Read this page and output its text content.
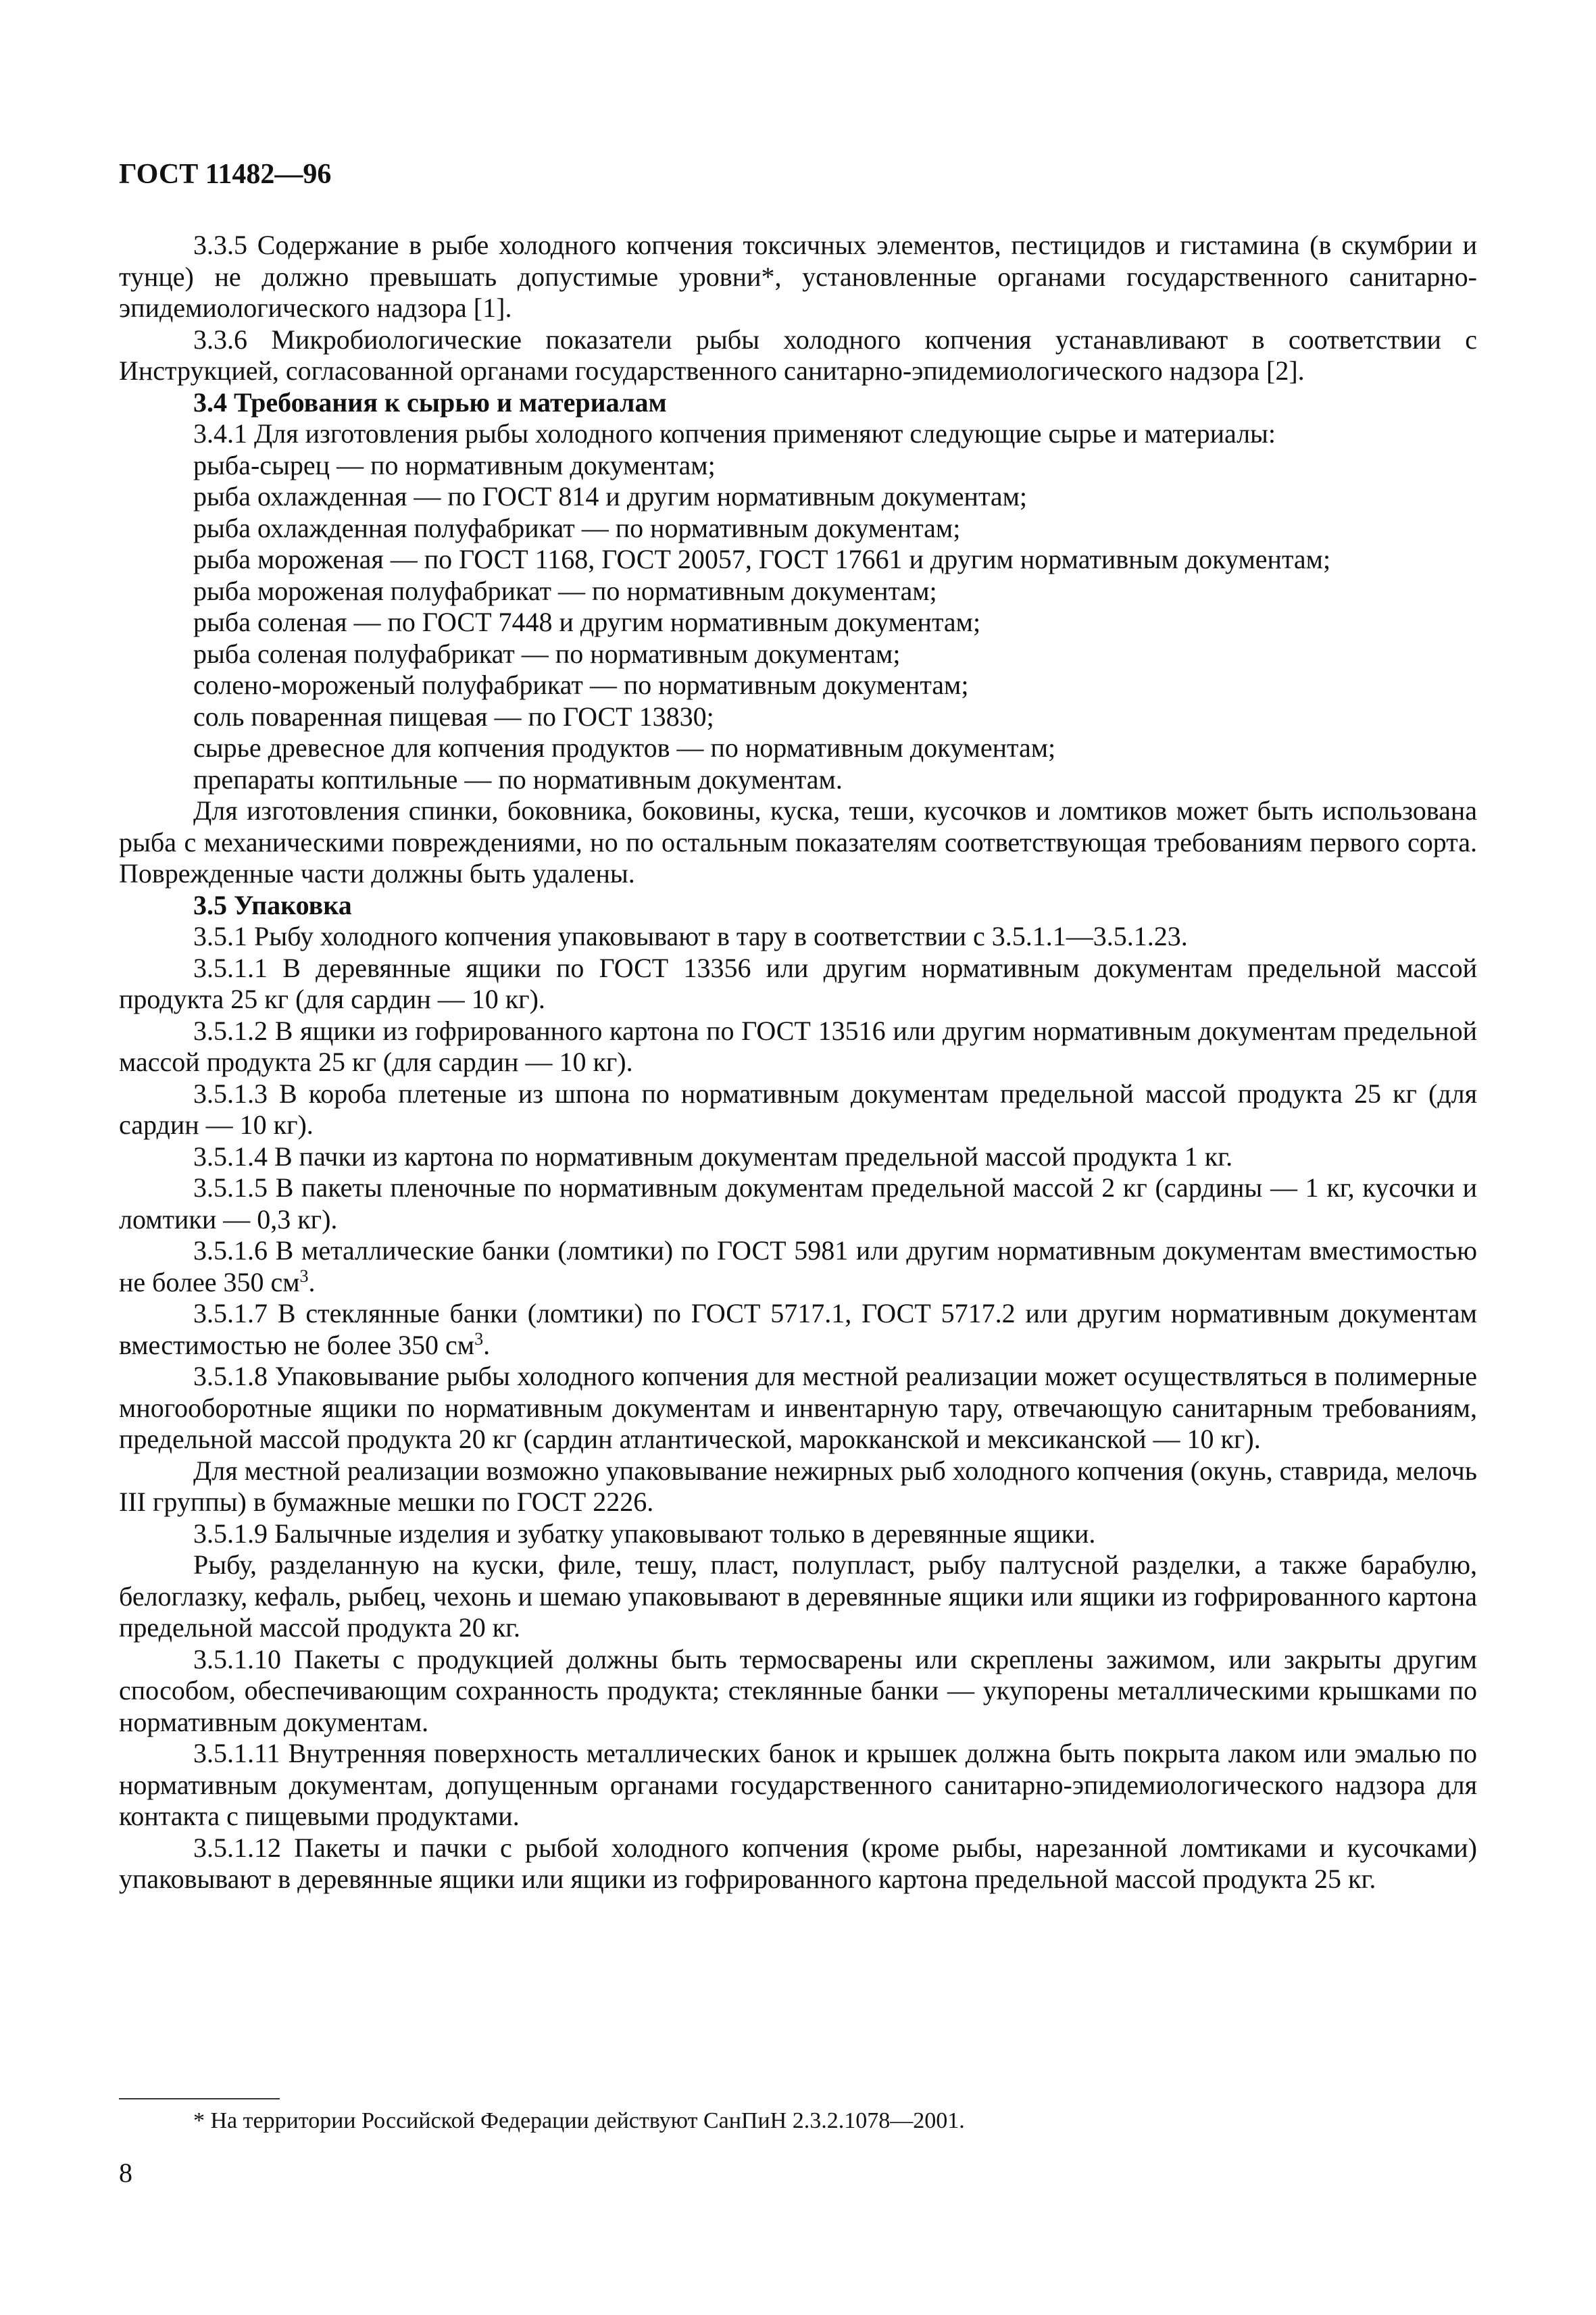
ГОСТ 11482—96

3.3.5 Содержание в рыбе холодного копчения токсичных элементов, пестицидов и гистамина (в скумбрии и тунце) не должно превышать допустимые уровни*, установленные органами государственного санитарно-эпидемиологического надзора [1].

3.3.6 Микробиологические показатели рыбы холодного копчения устанавливают в соответствии с Инструкцией, согласованной органами государственного санитарно-эпидемиологического надзора [2].

3.4 Требования к сырью и материалам

3.4.1 Для изготовления рыбы холодного копчения применяют следующие сырье и материалы:

рыба-сырец — по нормативным документам;

рыба охлажденная — по ГОСТ 814 и другим нормативным документам;

рыба охлажденная полуфабрикат — по нормативным документам;

рыба мороженая — по ГОСТ 1168, ГОСТ 20057, ГОСТ 17661 и другим нормативным документам;

рыба мороженая полуфабрикат — по нормативным документам;

рыба соленая — по ГОСТ 7448 и другим нормативным документам;

рыба соленая полуфабрикат — по нормативным документам;

солено-мороженый полуфабрикат — по нормативным документам;

соль поваренная пищевая — по ГОСТ 13830;

сырье древесное для копчения продуктов — по нормативным документам;

препараты коптильные — по нормативным документам.

Для изготовления спинки, боковника, боковины, куска, теши, кусочков и ломтиков может быть использована рыба с механическими повреждениями, но по остальным показателям соответствующая требованиям первого сорта. Поврежденные части должны быть удалены.

3.5 Упаковка

3.5.1 Рыбу холодного копчения упаковывают в тару в соответствии с 3.5.1.1—3.5.1.23.

3.5.1.1 В деревянные ящики по ГОСТ 13356 или другим нормативным документам предельной массой продукта 25 кг (для сардин — 10 кг).

3.5.1.2 В ящики из гофрированного картона по ГОСТ 13516 или другим нормативным документам предельной массой продукта 25 кг (для сардин — 10 кг).

3.5.1.3 В короба плетеные из шпона по нормативным документам предельной массой продукта 25 кг (для сардин — 10 кг).

3.5.1.4 В пачки из картона по нормативным документам предельной массой продукта 1 кг.

3.5.1.5 В пакеты пленочные по нормативным документам предельной массой 2 кг (сардины — 1 кг, кусочки и ломтики — 0,3 кг).

3.5.1.6 В металлические банки (ломтики) по ГОСТ 5981 или другим нормативным документам вместимостью не более 350 $см^3$.

3.5.1.7 В стеклянные банки (ломтики) по ГОСТ 5717.1, ГОСТ 5717.2 или другим нормативным документам вместимостью не более 350 $см^3$.

3.5.1.8 Упаковывание рыбы холодного копчения для местной реализации может осуществляться в полимерные многооборотные ящики по нормативным документам и инвентарную тару, отвечающую санитарным требованиям, предельной массой продукта 20 кг (сардин атлантической, марокканской и мексиканской — 10 кг).

Для местной реализации возможно упаковывание нежирных рыб холодного копчения (окунь, ставрида, мелочь III группы) в бумажные мешки по ГОСТ 2226.

3.5.1.9 Балычные изделия и зубатку упаковывают только в деревянные ящики.

Рыбу, разделанную на куски, филе, тешу, пласт, полупласт, рыбу палтусной разделки, а также барабулю, белоглазку, кефаль, рыбец, чехонь и шемаю упаковывают в деревянные ящики или ящики из гофрированного картона предельной массой продукта 20 кг.

3.5.1.10 Пакеты с продукцией должны быть термосварены или скреплены зажимом, или закрыты другим способом, обеспечивающим сохранность продукта; стеклянные банки — укупорены металлическими крышками по нормативным документам.

3.5.1.11 Внутренняя поверхность металлических банок и крышек должна быть покрыта лаком или эмалью по нормативным документам, допущенным органами государственного санитарно-эпидемиологического надзора для контакта с пищевыми продуктами.

3.5.1.12 Пакеты и пачки с рыбой холодного копчения (кроме рыбы, нарезанной ломтиками и кусочками) упаковывают в деревянные ящики или ящики из гофрированного картона предельной массой продукта 25 кг.

* На территории Российской Федерации действуют СанПиН 2.3.2.1078—2001.
8
